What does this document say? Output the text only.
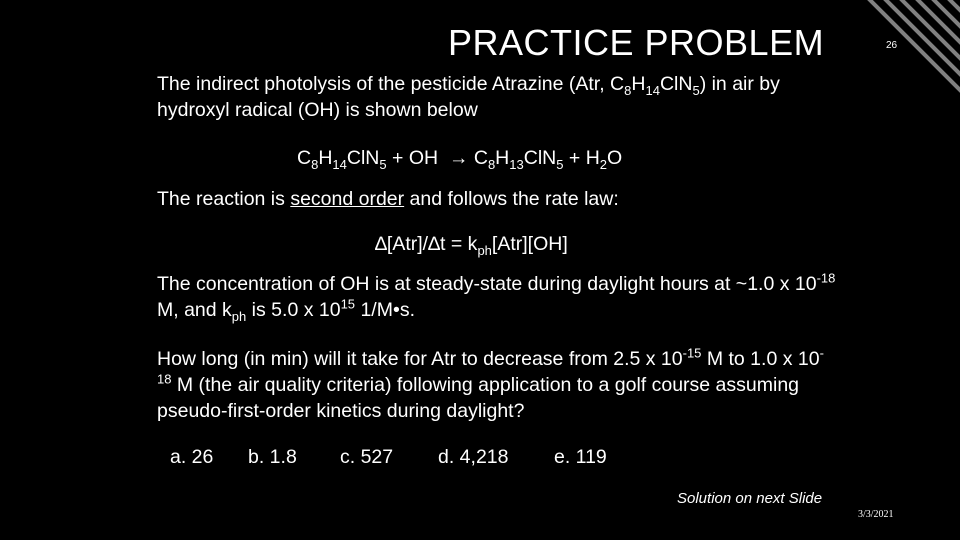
PRACTICE PROBLEM	26
The indirect photolysis of the pesticide Atrazine (Atr, $C_8H_{14}ClN_5$) in air by hydroxyl radical (OH) is shown below
$C_8H_{14}ClN_5$ + OH  → $C_8H_{13}ClN_5 + H_2O$
The reaction is second order and follows the rate law:
$\Delta[Atr]/\Delta t = k_{ph}[Atr][OH]$
The concentration of OH is at steady-state during daylight hours at ~1.0 x $10^{-18}$ M, and $k_{ph}$ is 5.0 x $10^{15}$ 1/M•s.
How long (in min) will it take for Atr to decrease from 2.5 x $10^{-15}$ M to 1.0 x $10^{-18}$ M (the air quality criteria) following application to a golf course assuming pseudo-first-order kinetics during daylight?
a. 26 b. 1.8 c. 527 d. 4,218 e. 119
Solution on next Slide
3/3/2021
